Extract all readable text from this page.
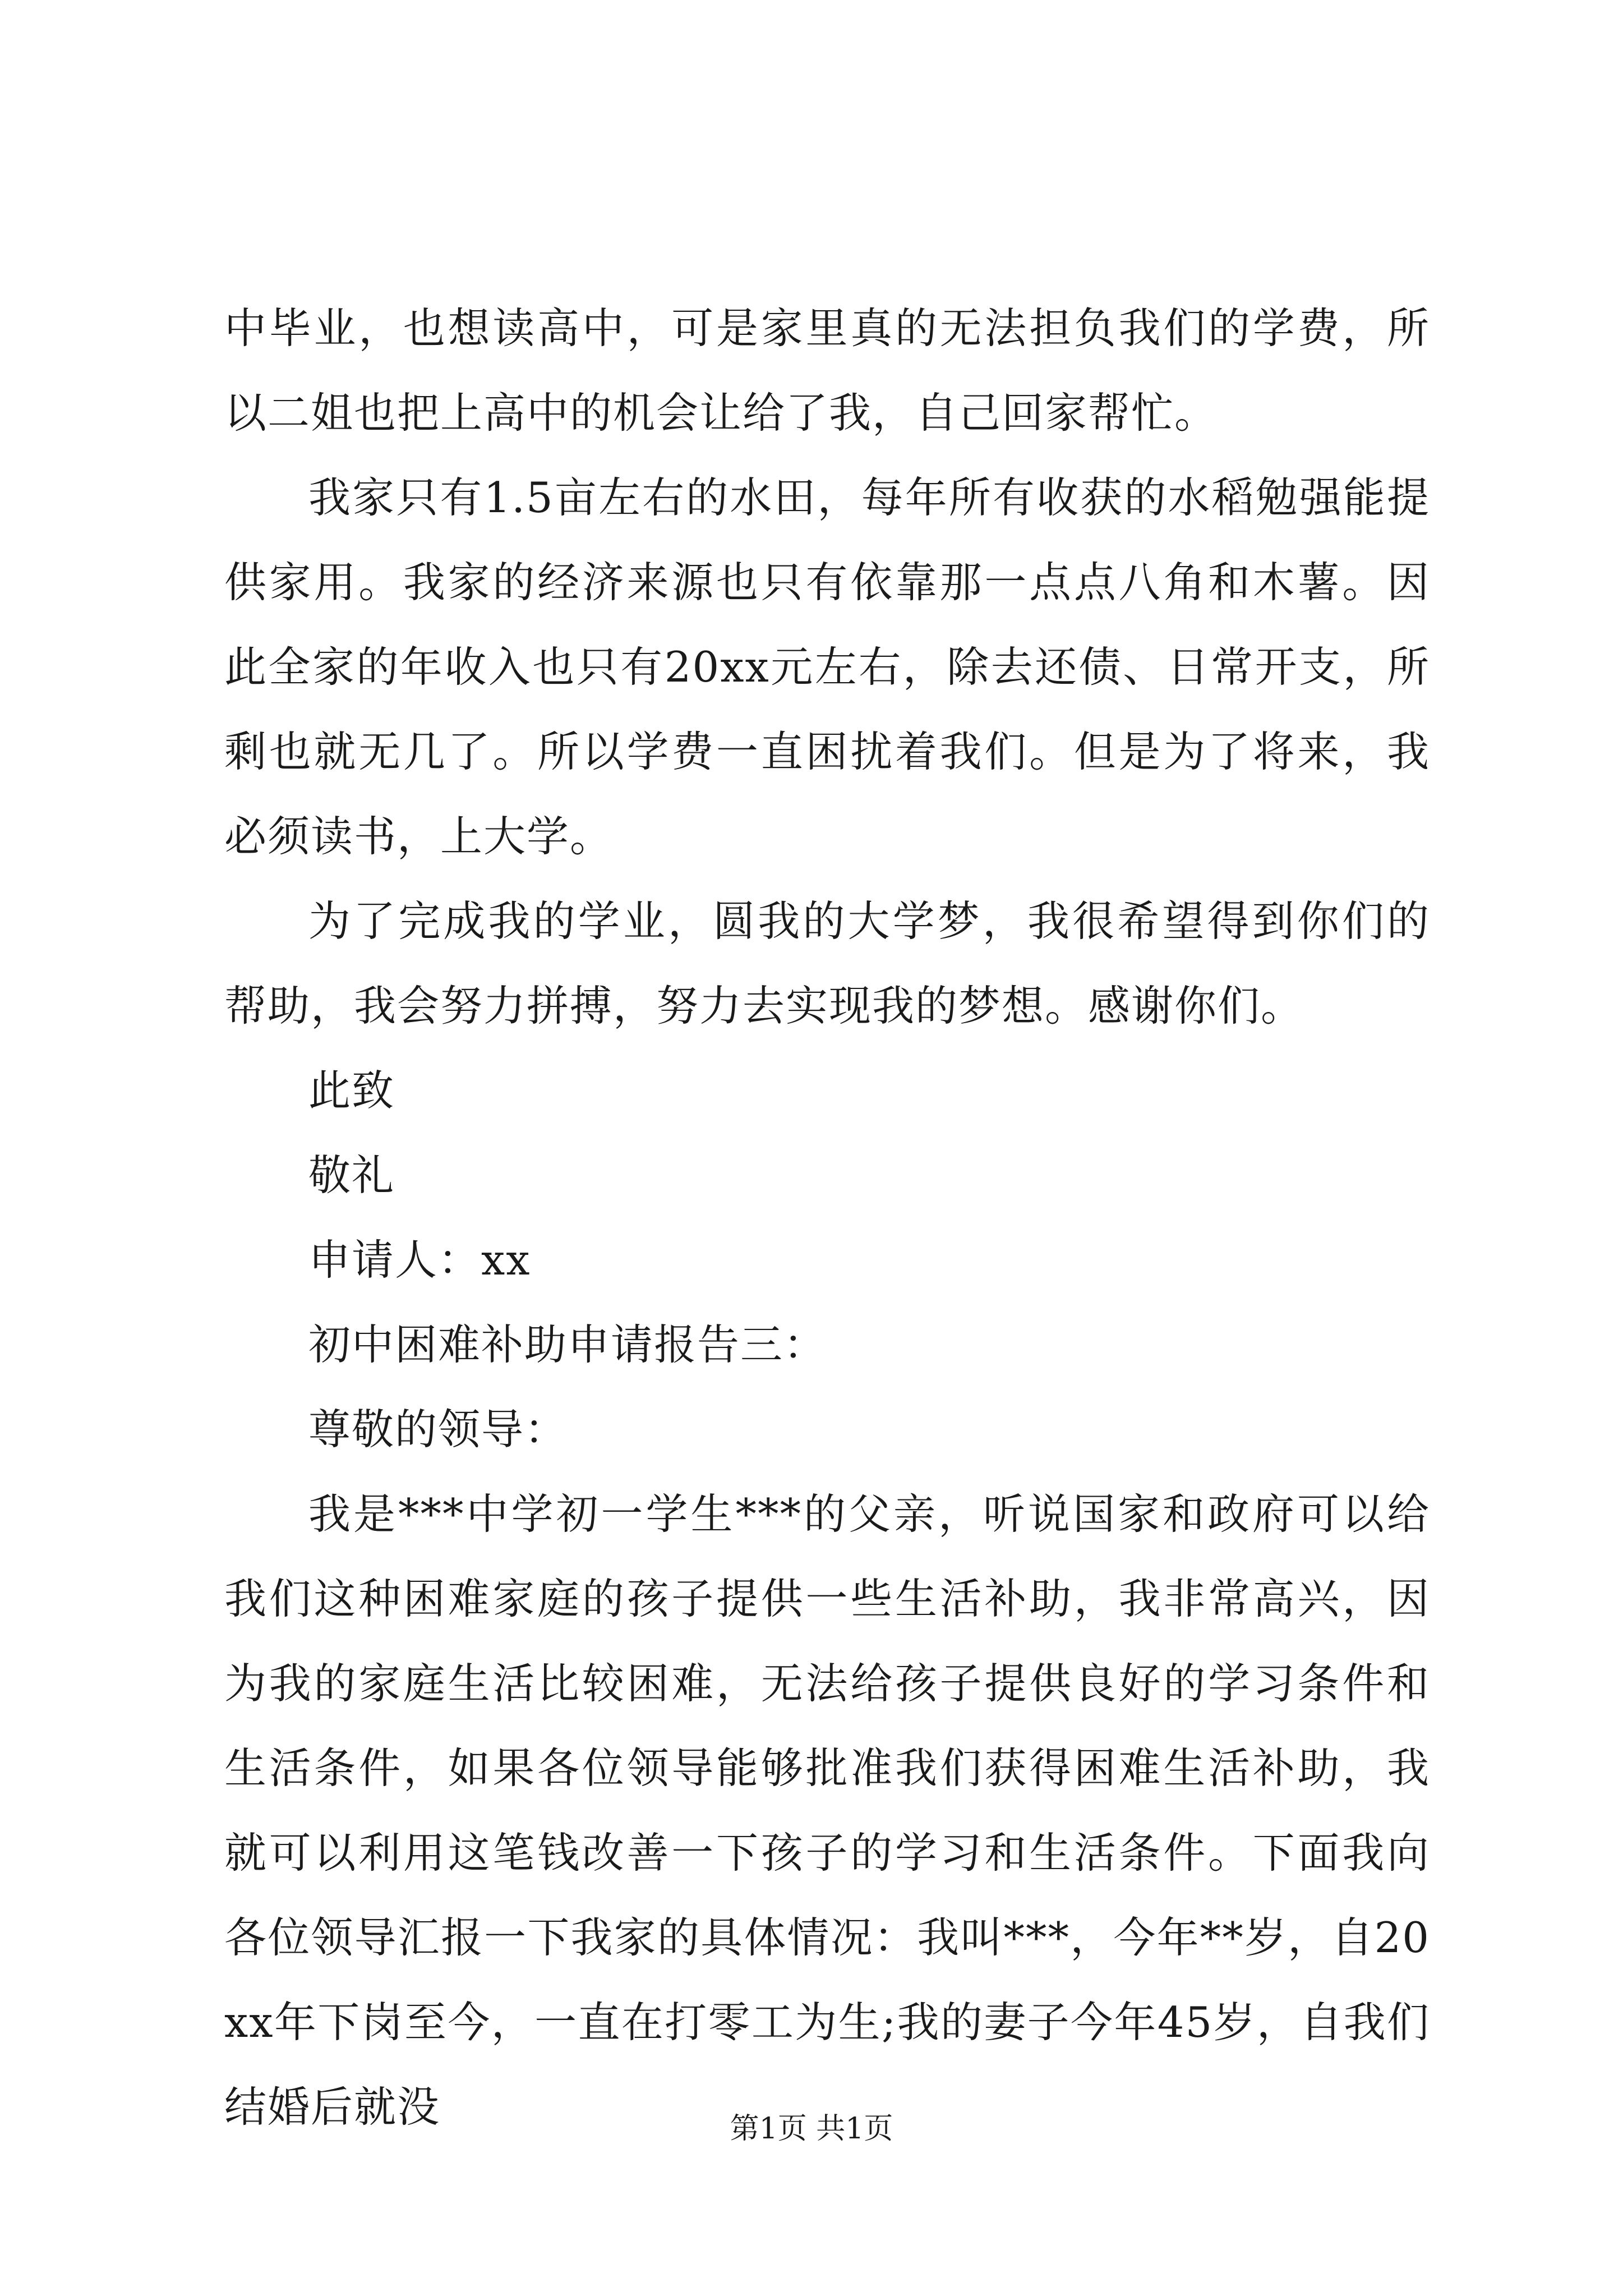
中毕业，也想读高中，可是家里真的无法担负我们的学费，所以二姐也把上高中的机会让给了我，自己回家帮忙。

我家只有1.5亩左右的水田，每年所有收获的水稻勉强能提供家用。我家的经济来源也只有依靠那一点点八角和木薯。因此全家的年收入也只有20xx元左右，除去还债、日常开支，所剩也就无几了。所以学费一直困扰着我们。但是为了将来，我必须读书，上大学。

为了完成我的学业，圆我的大学梦，我很希望得到你们的帮助，我会努力拼搏，努力去实现我的梦想。感谢你们。

此致

敬礼

申请人：xx

初中困难补助申请报告三：

尊敬的领导：

我是***中学初一学生***的父亲，听说国家和政府可以给我们这种困难家庭的孩子提供一些生活补助，我非常高兴，因为我的家庭生活比较困难，无法给孩子提供良好的学习条件和生活条件，如果各位领导能够批准我们获得困难生活补助，我就可以利用这笔钱改善一下孩子的学习和生活条件。下面我向各位领导汇报一下我家的具体情况：我叫***，今年**岁，自20xx年下岗至今，一直在打零工为生;我的妻子今年45岁，自我们结婚后就没	第1页 共1页
